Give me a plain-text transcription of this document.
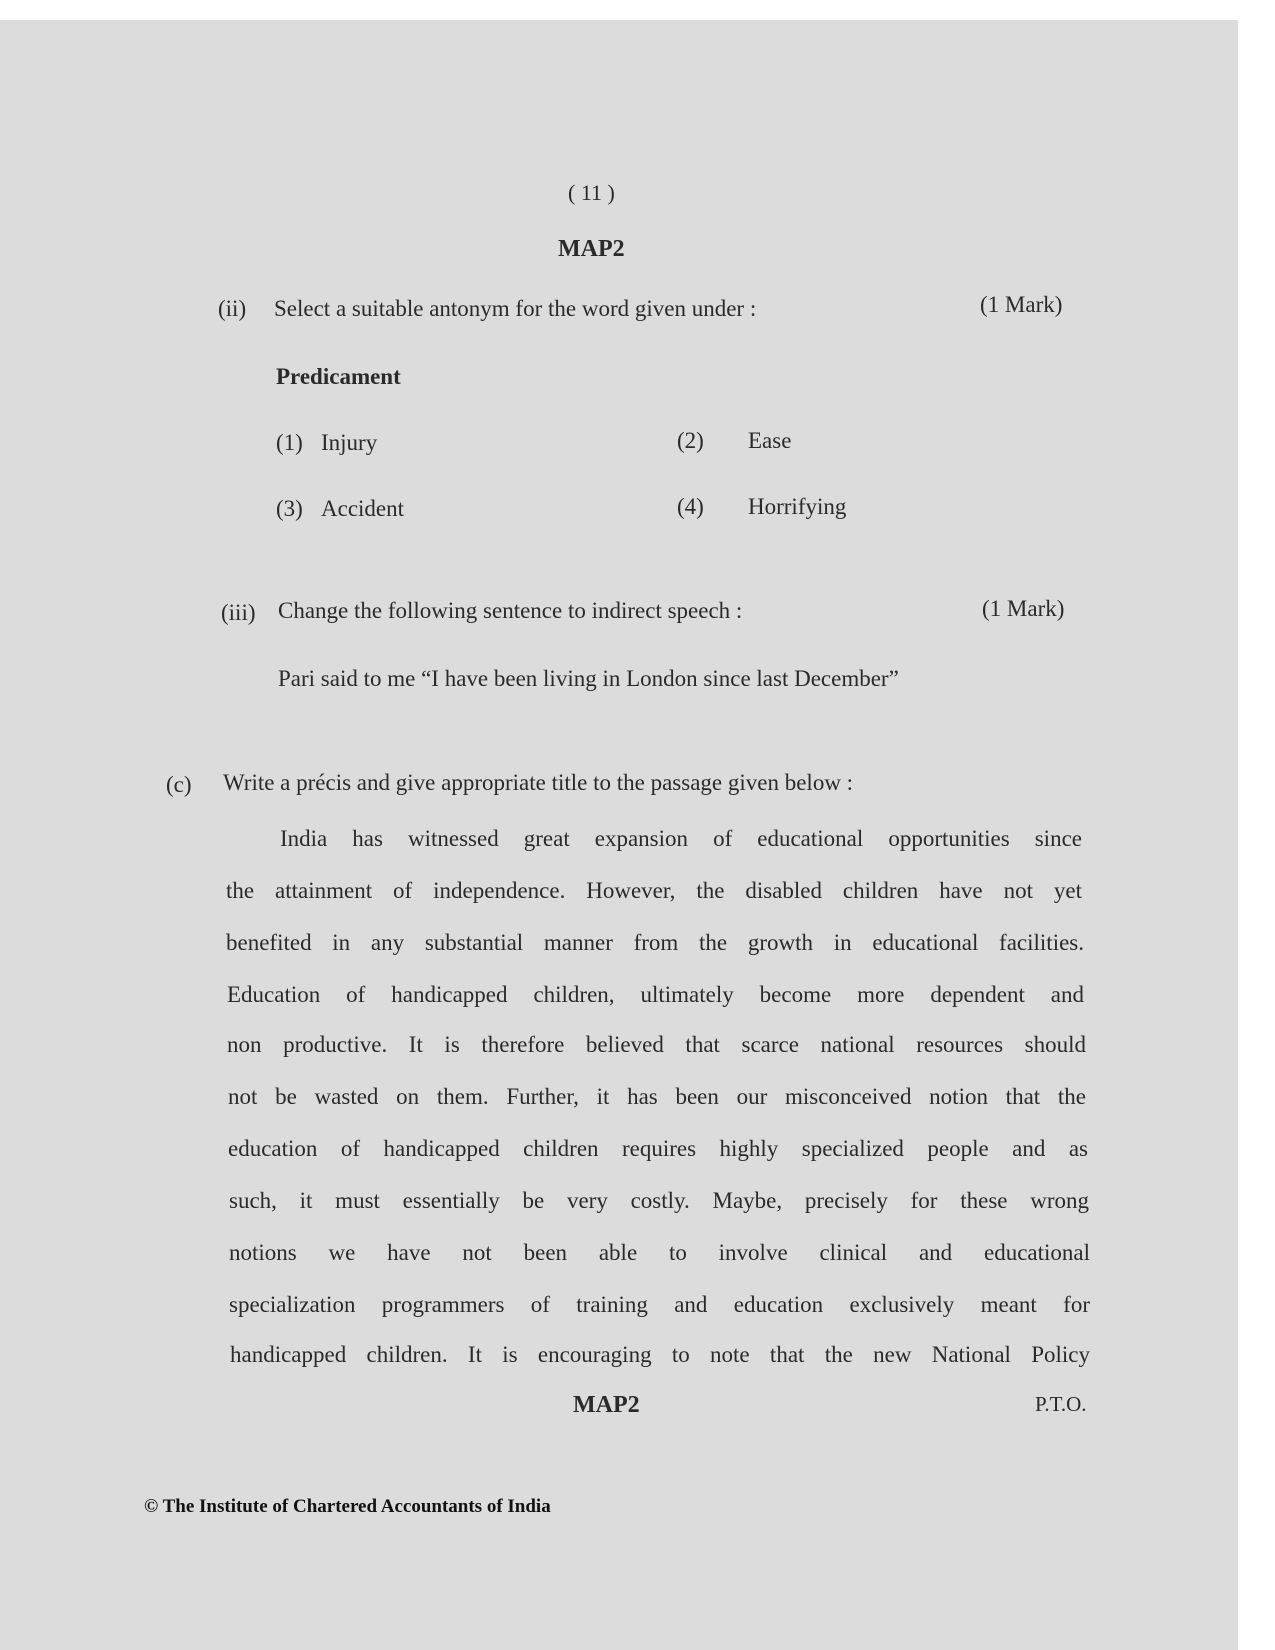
( 11 )
MAP2
(ii) Select a suitable antonym for the word given under :	(1 Mark)
Predicament
(1) Injury	(2) Ease
(3) Accident	(4) Horrifying
(iii) Change the following sentence to indirect speech :	(1 Mark)
Pari said to me “I have been living in London since last December”
(c) Write a précis and give appropriate title to the passage given below :
India has witnessed great expansion of educational opportunities since
the attainment of independence. However, the disabled children have not yet
benefited in any substantial manner from the growth in educational facilities.
Education of handicapped children, ultimately become more dependent and
non productive. It is therefore believed that scarce national resources should
not be wasted on them. Further, it has been our misconceived notion that the
education of handicapped children requires highly specialized people and as
such, it must essentially be very costly. Maybe, precisely for these wrong
notions we have not been able to involve clinical and educational
specialization programmers of training and education exclusively meant for
handicapped children. It is encouraging to note that the new National Policy
MAP2	P.T.O.
© The Institute of Chartered Accountants of India
